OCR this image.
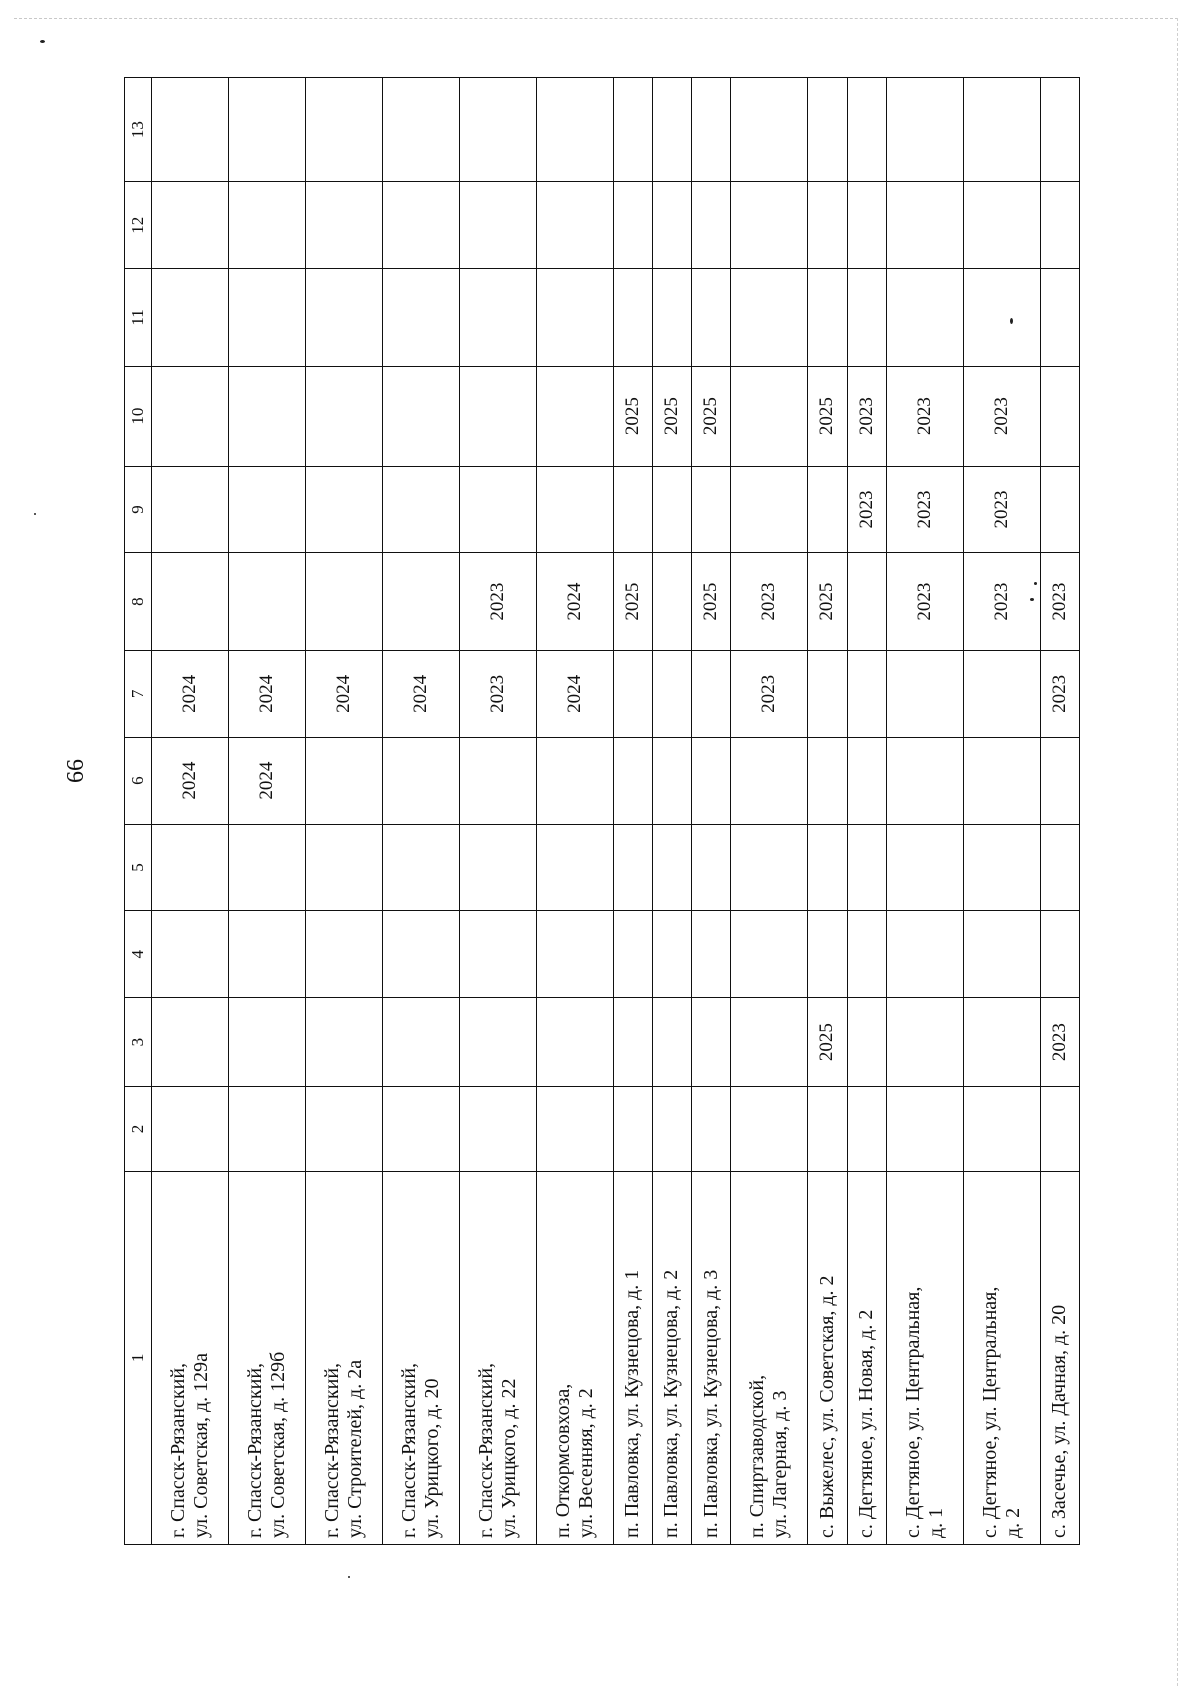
66
1	2	3	4	5	6	7	8	9	10	11	12	13
г. Спасск-Рязанский,
ул. Советская, д. 129а					2024	2024						
г. Спасск-Рязанский,
ул. Советская, д. 129б					2024	2024						
г. Спасск-Рязанский,
ул. Строителей, д. 2а						2024						
г. Спасск-Рязанский,
ул. Урицкого, д. 20						2024						
г. Спасск-Рязанский,
ул. Урицкого, д. 22						2023	2023					
п. Откормсовхоза,
ул. Весенняя, д. 2						2024	2024					
п. Павловка, ул. Кузнецова, д. 1							2025		2025			
п. Павловка, ул. Кузнецова, д. 2									2025			
п. Павловка, ул. Кузнецова, д. 3							2025		2025			
п. Спиртзаводской,
ул. Лагерная, д. 3						2023	2023					
с. Выжелес, ул. Советская, д. 2		2025					2025		2025			
с. Дегтяное, ул. Новая, д. 2								2023	2023			
с. Дегтяное, ул. Центральная,
д. 1							2023	2023	2023			
с. Дегтяное, ул. Центральная,
д. 2							2023	2023	2023			
с. Засечье, ул. Дачная, д. 20		2023				2023	2023					
